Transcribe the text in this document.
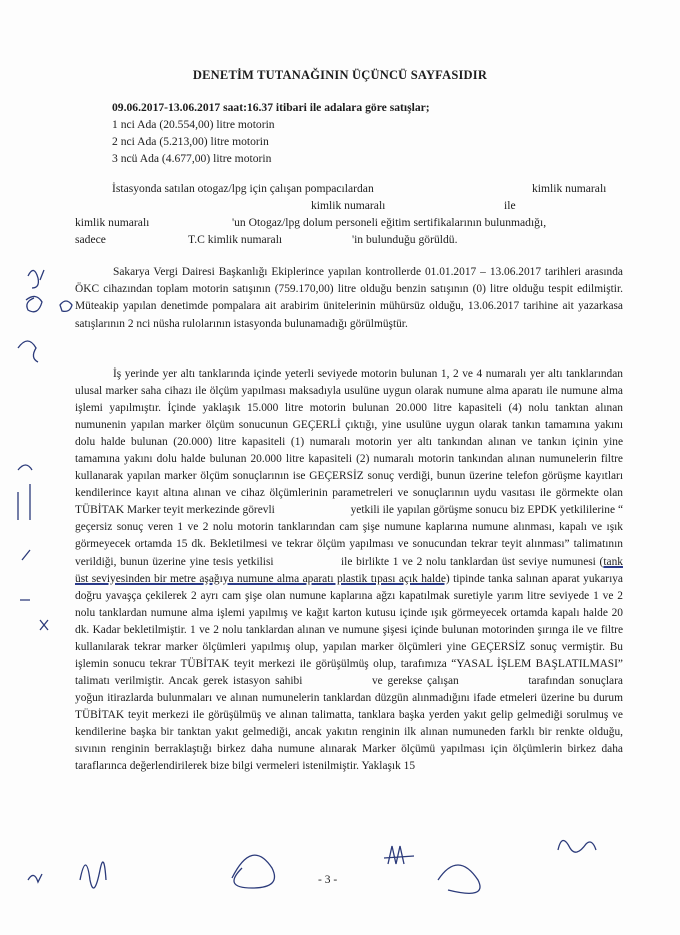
DENETİM TUTANAĞININ ÜÇÜNCÜ SAYFASIDIR
09.06.2017-13.06.2017 saat:16.37 itibari ile adalara göre satışlar;
1 nci Ada (20.554,00) litre motorin
2 nci Ada (5.213,00) litre motorin
3 ncü Ada (4.677,00) litre motorin
İstasyonda satılan otogaz/lpg için çalışan pompacılardan	kimlik numaralı
kimlik numaralı	ile
kimlik numaralı	'un Otogaz/lpg dolum personeli eğitim sertifikalarının bulunmadığı,
sadece	T.C kimlik numaralı	'in bulunduğu görüldü.

Sakarya Vergi Dairesi Başkanlığı Ekiplerince yapılan kontrollerde 01.01.2017 – 13.06.2017 tarihleri arasında ÖKC cihazından toplam motorin satışının (759.170,00) litre olduğu benzin satışının (0) litre olduğu tespit edilmiştir. Müteakip yapılan denetimde pompalara ait arabirim ünitelerinin mühürsüz olduğu, 13.06.2017 tarihine ait yazarkasa satışlarının 2 nci nüsha rulolarının istasyonda bulunamadığı görülmüştür.

İş yerinde yer altı tanklarında içinde yeterli seviyede motorin bulunan 1, 2 ve 4 numaralı yer altı tanklarından ulusal marker saha cihazı ile ölçüm yapılması maksadıyla usulüne uygun olarak numune alma aparatı ile numune alma işlemi yapılmıştır. İçinde yaklaşık 15.000 litre motorin bulunan 20.000 litre kapasiteli (4) nolu tanktan alınan numunenin yapılan marker ölçüm sonucunun GEÇERLİ çıktığı, yine usulüne uygun olarak tankın tamamına yakını dolu halde bulunan (20.000) litre kapasiteli (1) numaralı motorin yer altı tankından alınan ve tankın içinin yine tamamına yakını dolu halde bulunan 20.000 litre kapasiteli (2) numaralı motorin tankından alınan numunelerin filtre kullanarak yapılan marker ölçüm sonuçlarının ise GEÇERSİZ sonuç verdiği, bunun üzerine telefon görüşme kayıtları kendilerince kayıt altına alınan ve cihaz ölçümlerinin parametreleri ve sonuçlarının uydu vasıtası ile görmekte olan TÜBİTAK Marker teyit merkezinde görevli	yetkili ile yapılan görüşme sonucu biz EPDK yetkililerine “ geçersiz sonuç veren 1 ve 2 nolu motorin tanklarından cam şişe numune kaplarına numune alınması, kapalı ve ışık görmeyecek ortamda 15 dk. Bekletilmesi ve tekrar ölçüm yapılması ve sonucundan tekrar teyit alınması” talimatının verildiği, bunun üzerine yine tesis yetkilisi	ile birlikte 1 ve 2 nolu tanklardan üst seviye numunesi (tank üst seviyesinden bir metre aşağıya numune alma aparatı plastik tıpası açık halde) tipinde tanka salınan aparat yukarıya doğru yavaşça çekilerek 2 ayrı cam şişe olan numune kaplarına ağzı kapatılmak suretiyle yarım litre seviyede 1 ve 2 nolu tanklardan numune alma işlemi yapılmış ve kağıt karton kutusu içinde ışık görmeyecek ortamda kapalı halde 20 dk. Kadar bekletilmiştir. 1 ve 2 nolu tanklardan alınan ve numune şişesi içinde bulunan motorinden şırınga ile ve filtre kullanılarak tekrar marker ölçümleri yapılmış olup, yapılan marker ölçümleri yine GEÇERSİZ sonuç vermiştir. Bu işlemin sonucu tekrar TÜBİTAK teyit merkezi ile görüşülmüş olup, tarafımıza “YASAL İŞLEM BAŞLATILMASI” talimatı verilmiştir. Ancak gerek istasyon sahibi	ve gerekse çalışan	tarafından sonuçlara yoğun itirazlarda bulunmaları ve alınan numunelerin tanklardan düzgün alınmadığını ifade etmeleri üzerine bu durum TÜBİTAK teyit merkezi ile görüşülmüş ve alınan talimatta, tanklara başka yerden yakıt gelip gelmediği sorulmuş ve kendilerine başka bir tanktan yakıt gelmediği, ancak yakıtın renginin ilk alınan numuneden farklı bir renkte olduğu, sıvının renginin berraklaştığı birkez daha numune alınarak Marker ölçümü yapılması için ölçümlerin birkez daha taraflarınca değerlendirilerek bize bilgi vermeleri istenilmiştir. Yaklaşık 15

- 3 -
